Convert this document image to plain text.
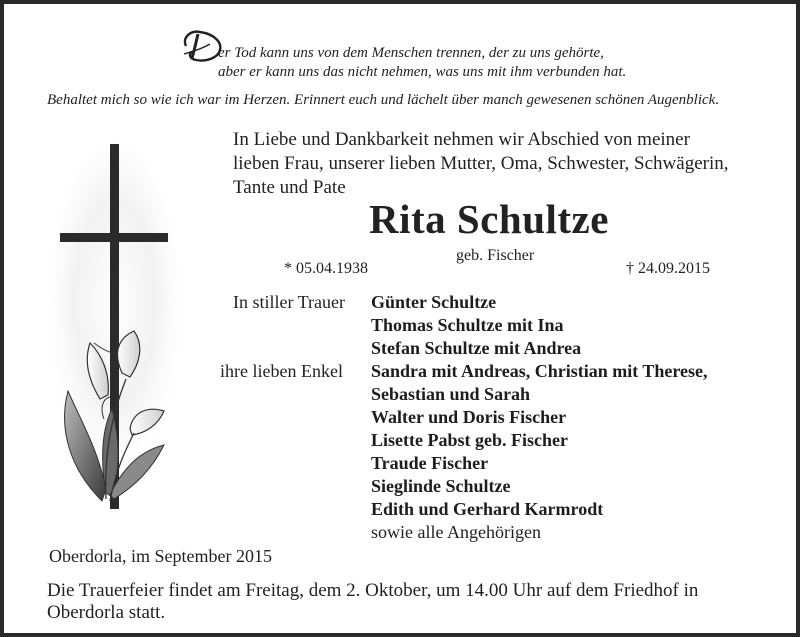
er Tod kann uns von dem Menschen trennen, der zu uns gehörte,
aber er kann uns das nicht nehmen, was uns mit ihm verbunden hat.
Behaltet mich so wie ich war im Herzen. Erinnert euch und lächelt über manch gewesenen schönen Augenblick.
In Liebe und Dankbarkeit nehmen wir Abschied von meiner
lieben Frau, unserer lieben Mutter, Oma, Schwester, Schwägerin,
Tante und Pate
Rita Schultze
geb. Fischer
* 05.04.1938	† 24.09.2015
In stiller Trauer
ihre lieben Enkel
Günter Schultze
Thomas Schultze mit Ina
Stefan Schultze mit Andrea
Sandra mit Andreas, Christian mit Therese,
Sebastian und Sarah
Walter und Doris Fischer
Lisette Pabst geb. Fischer
Traude Fischer
Sieglinde Schultze
Edith und Gerhard Karmrodt
sowie alle Angehörigen
Oberdorla, im September 2015
Die Trauerfeier findet am Freitag, dem 2. Oktober, um 14.00 Uhr auf dem Friedhof in
Oberdorla statt.
